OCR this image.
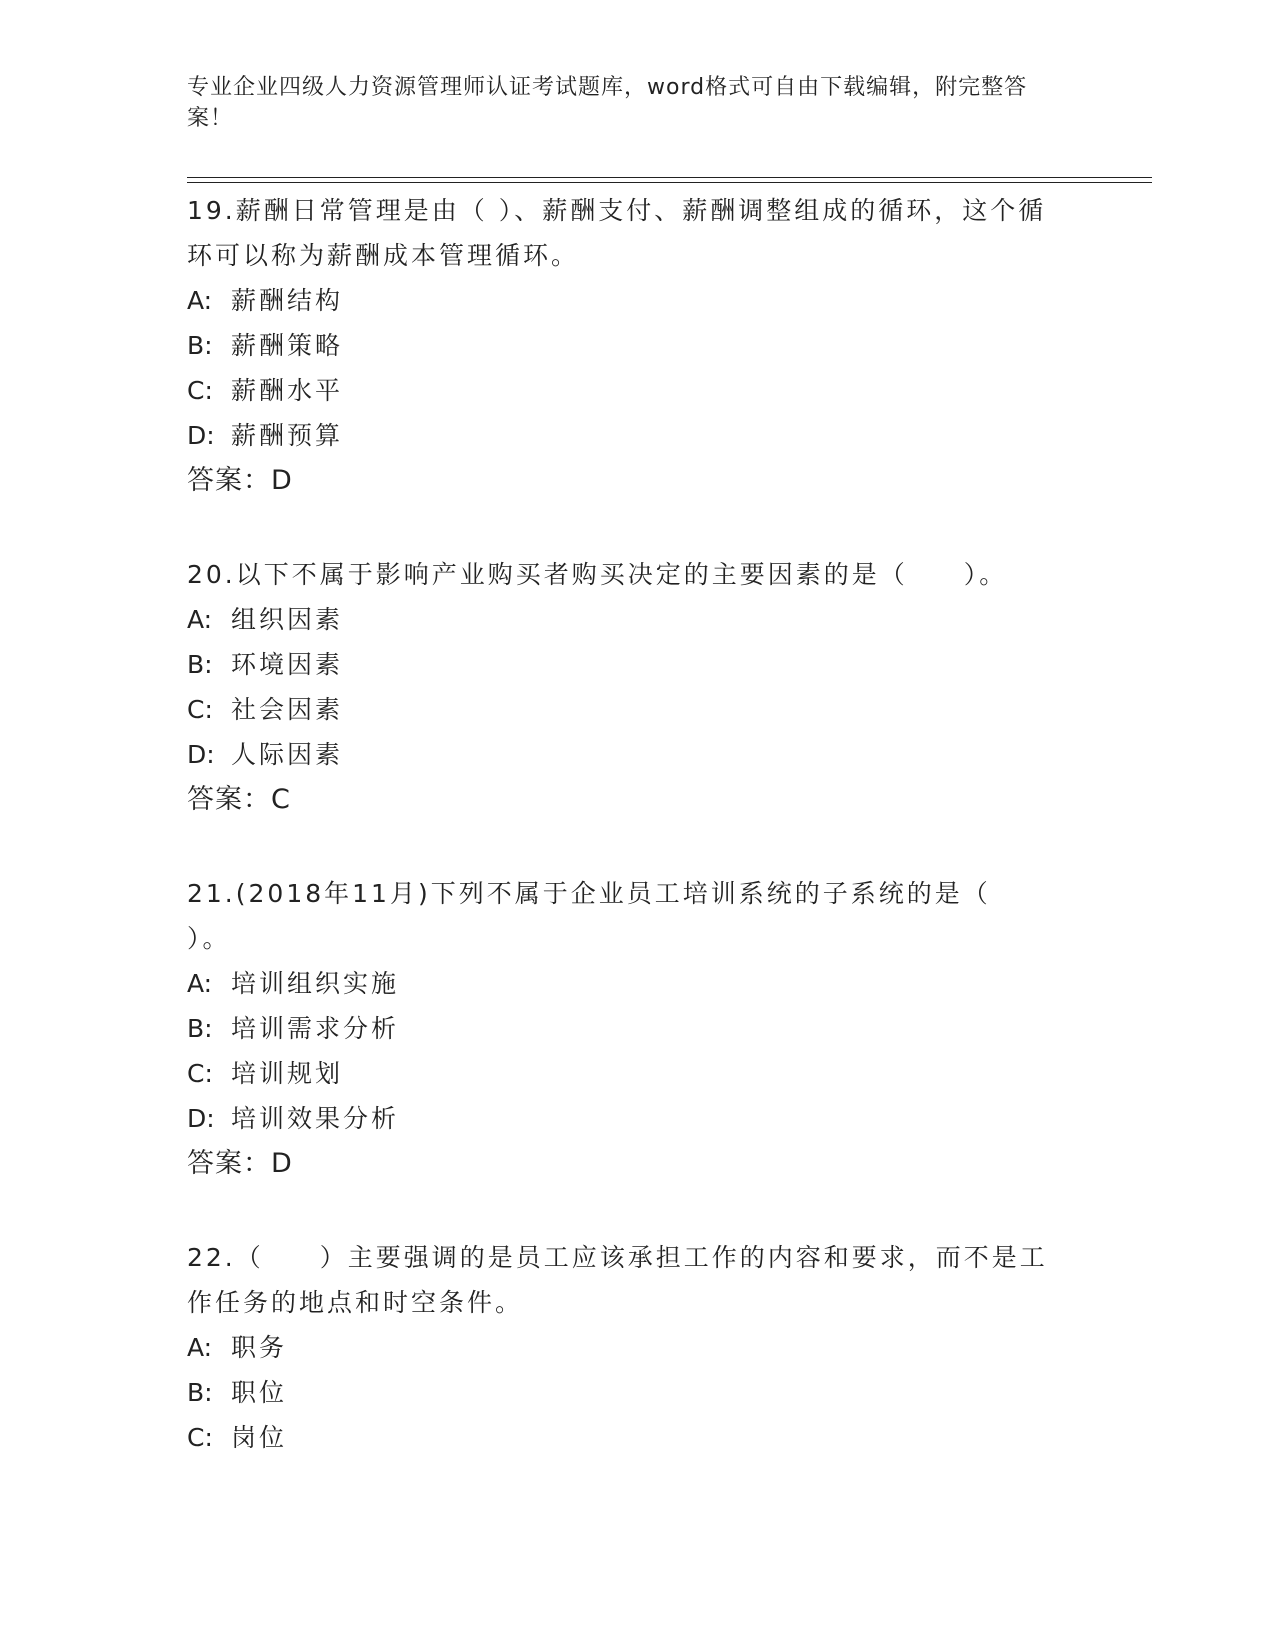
专业企业四级人力资源管理师认证考试题库，word格式可自由下载编辑，附完整答案！

19.薪酬日常管理是由（ ）、薪酬支付、薪酬调整组成的循环，这个循环可以称为薪酬成本管理循环。

A: 薪酬结构

B: 薪酬策略

C: 薪酬水平

D: 薪酬预算

答案：D

20.以下不属于影响产业购买者购买决定的主要因素的是（　　）。

A: 组织因素

B: 环境因素

C: 社会因素

D: 人际因素

答案：C

21.(2018年11月)下列不属于企业员工培训系统的子系统的是（　 ）。

A: 培训组织实施

B: 培训需求分析

C: 培训规划

D: 培训效果分析

答案：D

22.（　　）主要强调的是员工应该承担工作的内容和要求，而不是工作任务的地点和时空条件。

A: 职务

B: 职位

C: 岗位
